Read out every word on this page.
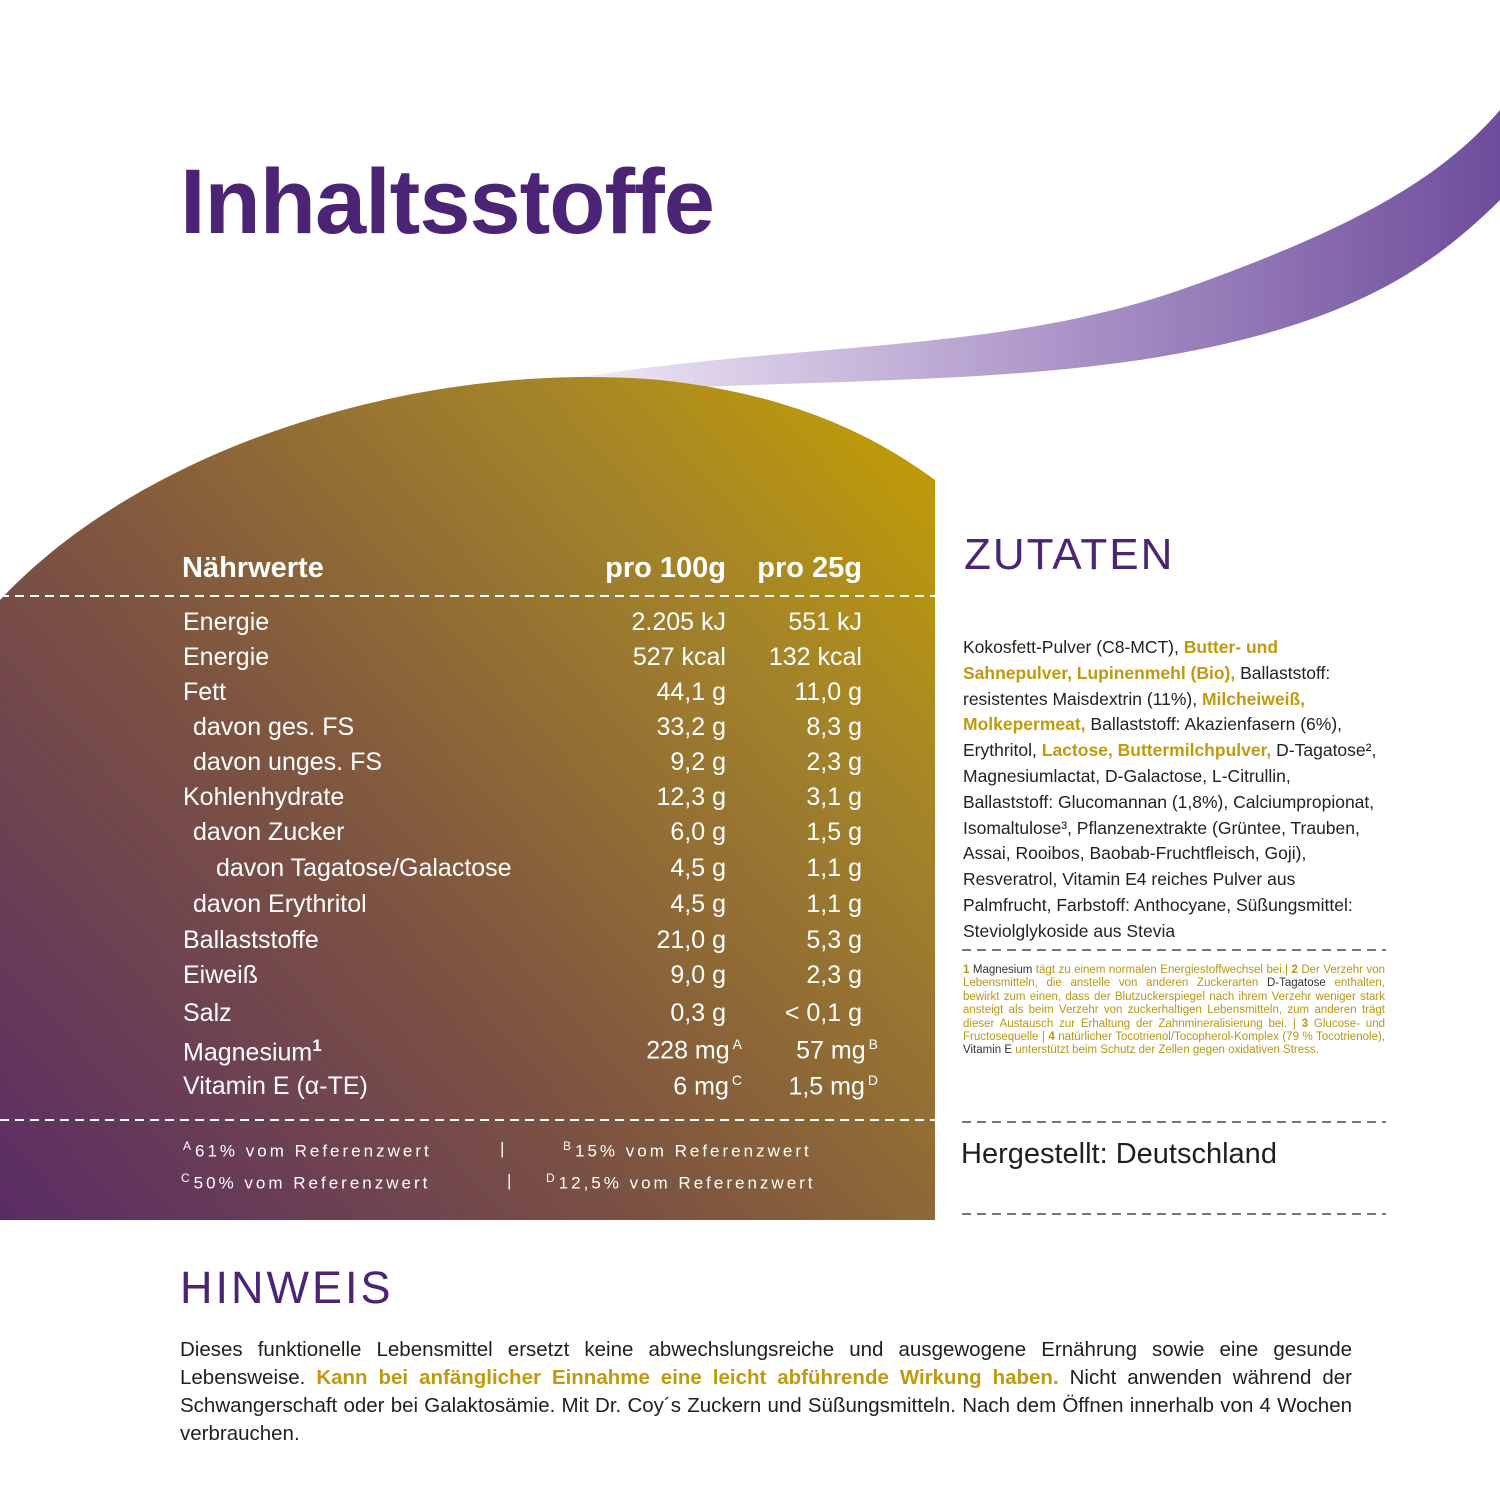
Inhaltsstoffe
Nährwerte	pro 100g pro 25g
Energie	2.205 kJ 551 kJ
Energie	527 kcal 132 kcal
Fett	44,1 g	11,0 g
davon ges. FS	33,2 g	8,3 g
davon unges. FS	9,2 g	2,3 g
Kohlenhydrate	12,3 g	3,1 g
davon Zucker	6,0 g	1,5 g
davon Tagatose/Galactose	4,5 g	1,1 g
davon Erythritol	4,5 g	1,1 g
Ballaststoffe	21,0 g	5,3 g
Eiweiß	9,0 g	2,3 g
Salz	0,3 g < 0,1 g
Magnesium$^1$	228 mg $^A$ 57 mg $^B$
Vitamin E (α-TE)	6 mg $^C$ 1,5 mg $^D$
$^A$ 61% vom Referenzwert	|	$^B$ 15% vom Referenzwert
$^C$ 50% vom Referenzwert	|	$^D$ 12,5% vom Referenzwert
ZUTATEN
Kokosfett-Pulver (C8-MCT), Butter- und Sahnepulver, Lupinenmehl (Bio), Ballaststoff: resistentes Maisdextrin (11%), Milcheiweiß, Molkepermeat, Ballaststoff: Akazienfasern (6%), Erythritol, Lactose, Buttermilchpulver, D-Tagatose², Magnesiumlactat, D-Galactose, L-Citrullin, Ballaststoff: Glucomannan (1,8%), Calciumpropionat, Isomaltulose³, Pflanzenextrakte (Grüntee, Trauben, Assai, Rooibos, Baobab-Fruchtfleisch, Goji), Resveratrol, Vitamin E4 reiches Pulver aus Palmfrucht, Farbstoff: Anthocyane, Süßungsmittel: Steviolglykoside aus Stevia
1 Magnesium tägt zu einem normalen Energiestoffwechsel bei.| 2 Der Verzehr von Lebensmitteln, die anstelle von anderen Zuckerarten D-Tagatose enthalten, bewirkt zum einen, dass der Blutzuckerspiegel nach ihrem Verzehr weniger stark ansteigt als beim Verzehr von zuckerhaltigen Lebensmitteln, zum anderen trägt dieser Austausch zur Erhaltung der Zahnmineralisierung bei. | 3 Glucose- und Fructosequelle | 4 natürlicher Tocotrienol/Tocopherol-Komplex (79 % Tocotrienole), Vitamin E unterstützt beim Schutz der Zellen gegen oxidativen Stress.
Hergestellt: Deutschland
HINWEIS
Dieses funktionelle Lebensmittel ersetzt keine abwechslungsreiche und ausgewogene Ernährung sowie eine gesunde Lebensweise. Kann bei anfänglicher Einnahme eine leicht abführende Wirkung haben. Nicht anwenden während der Schwangerschaft oder bei Galaktosämie. Mit Dr. Coy´s Zuckern und Süßungsmitteln. Nach dem Öffnen innerhalb von 4 Wochen verbrauchen.
